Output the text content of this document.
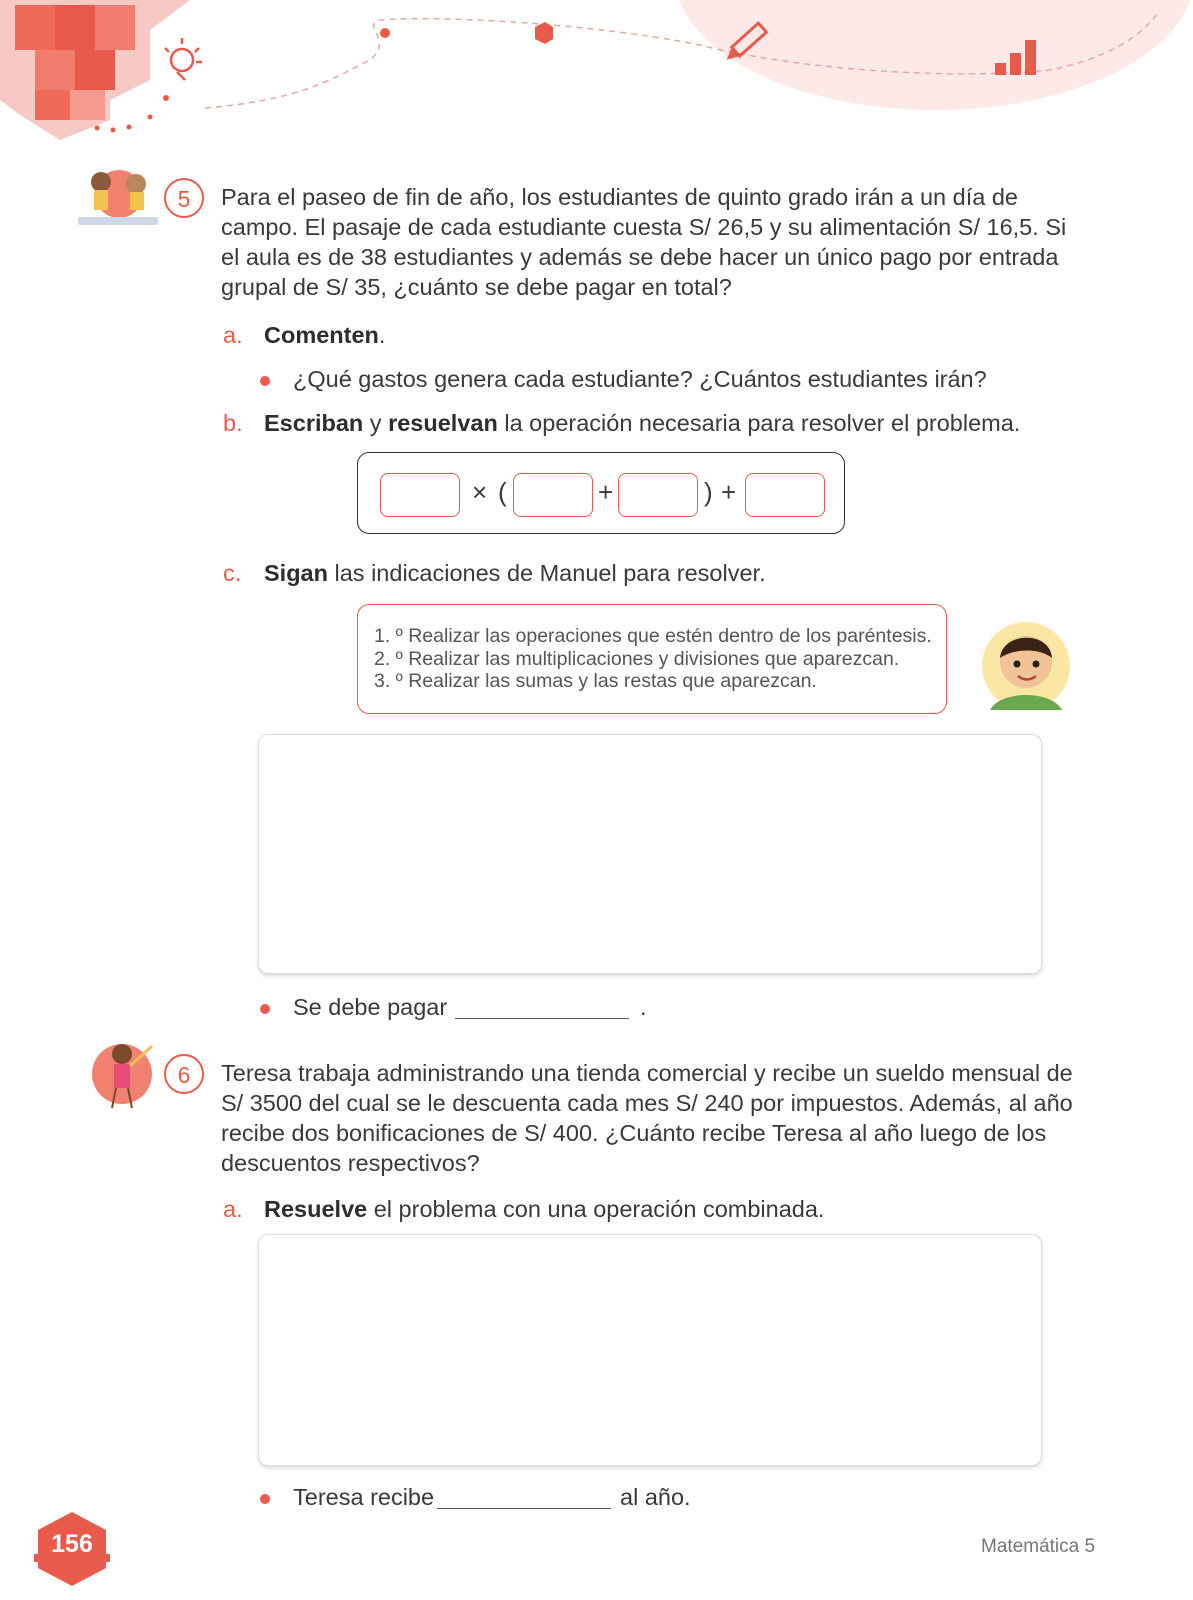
5	Para el paseo de fin de año, los estudiantes de quinto grado irán a un día de
campo. El pasaje de cada estudiante cuesta S/ 26,5 y su alimentación S/ 16,5. Si
el aula es de 38 estudiantes y además se debe hacer un único pago por entrada
grupal de S/ 35, ¿cuánto se debe pagar en total?
a. Comenten.
¿Qué gastos genera cada estudiante? ¿Cuántos estudiantes irán?
b. Escriban y resuelvan la operación necesaria para resolver el problema.
× (	+	) +
c. Sigan las indicaciones de Manuel para resolver.
1. º Realizar las operaciones que estén dentro de los paréntesis.
2. º Realizar las multiplicaciones y divisiones que aparezcan.
3. º Realizar las sumas y las restas que aparezcan.
Se debe pagar	.
6	Teresa trabaja administrando una tienda comercial y recibe un sueldo mensual de
S/ 3500 del cual se le descuenta cada mes S/ 240 por impuestos. Además, al año
recibe dos bonificaciones de S/ 400. ¿Cuánto recibe Teresa al año luego de los
descuentos respectivos?
a. Resuelve el problema con una operación combinada.
Teresa recibe	al año.
156	Matemática 5
